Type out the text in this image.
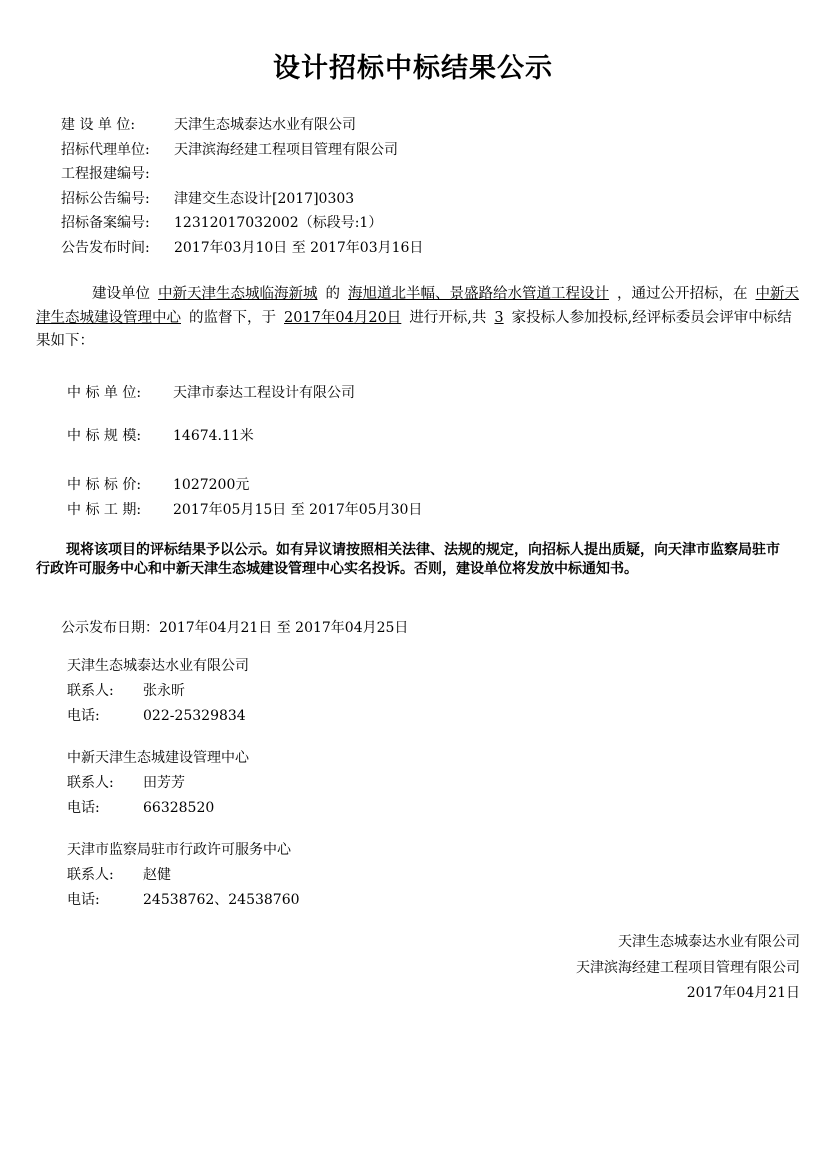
设计招标中标结果公示
建 设 单 位:	天津生态城泰达水业有限公司
招标代理单位:	天津滨海经建工程项目管理有限公司
工程报建编号:
招标公告编号:	津建交生态设计[2017]0303
招标备案编号:	12312017032002（标段号:1）
公告发布时间:	2017年03月10日 至 2017年03月16日
建设单位 中新天津生态城临海新城 的 海旭道北半幅、景盛路给水管道工程设计 ，通过公开招标，在 中新天津生态城建设管理中心 的监督下，于 2017年04月20日 进行开标,共 3 家投标人参加投标,经评标委员会评审中标结果如下：
中 标 单 位: 天津市泰达工程设计有限公司
中 标 规 模: 14674.11米
中 标 标 价: 1027200元
中 标 工 期: 2017年05月15日 至 2017年05月30日
现将该项目的评标结果予以公示。如有异议请按照相关法律、法规的规定，向招标人提出质疑，向天津市监察局驻市行政许可服务中心和中新天津生态城建设管理中心实名投诉。否则，建设单位将发放中标通知书。
公示发布日期：2017年04月21日 至 2017年04月25日
天津生态城泰达水业有限公司
联系人: 张永昕
电话:	022-25329834
中新天津生态城建设管理中心
联系人: 田芳芳
电话:	66328520
天津市监察局驻市行政许可服务中心
联系人: 赵健
电话:	24538762、24538760
天津生态城泰达水业有限公司
天津滨海经建工程项目管理有限公司
2017年04月21日
